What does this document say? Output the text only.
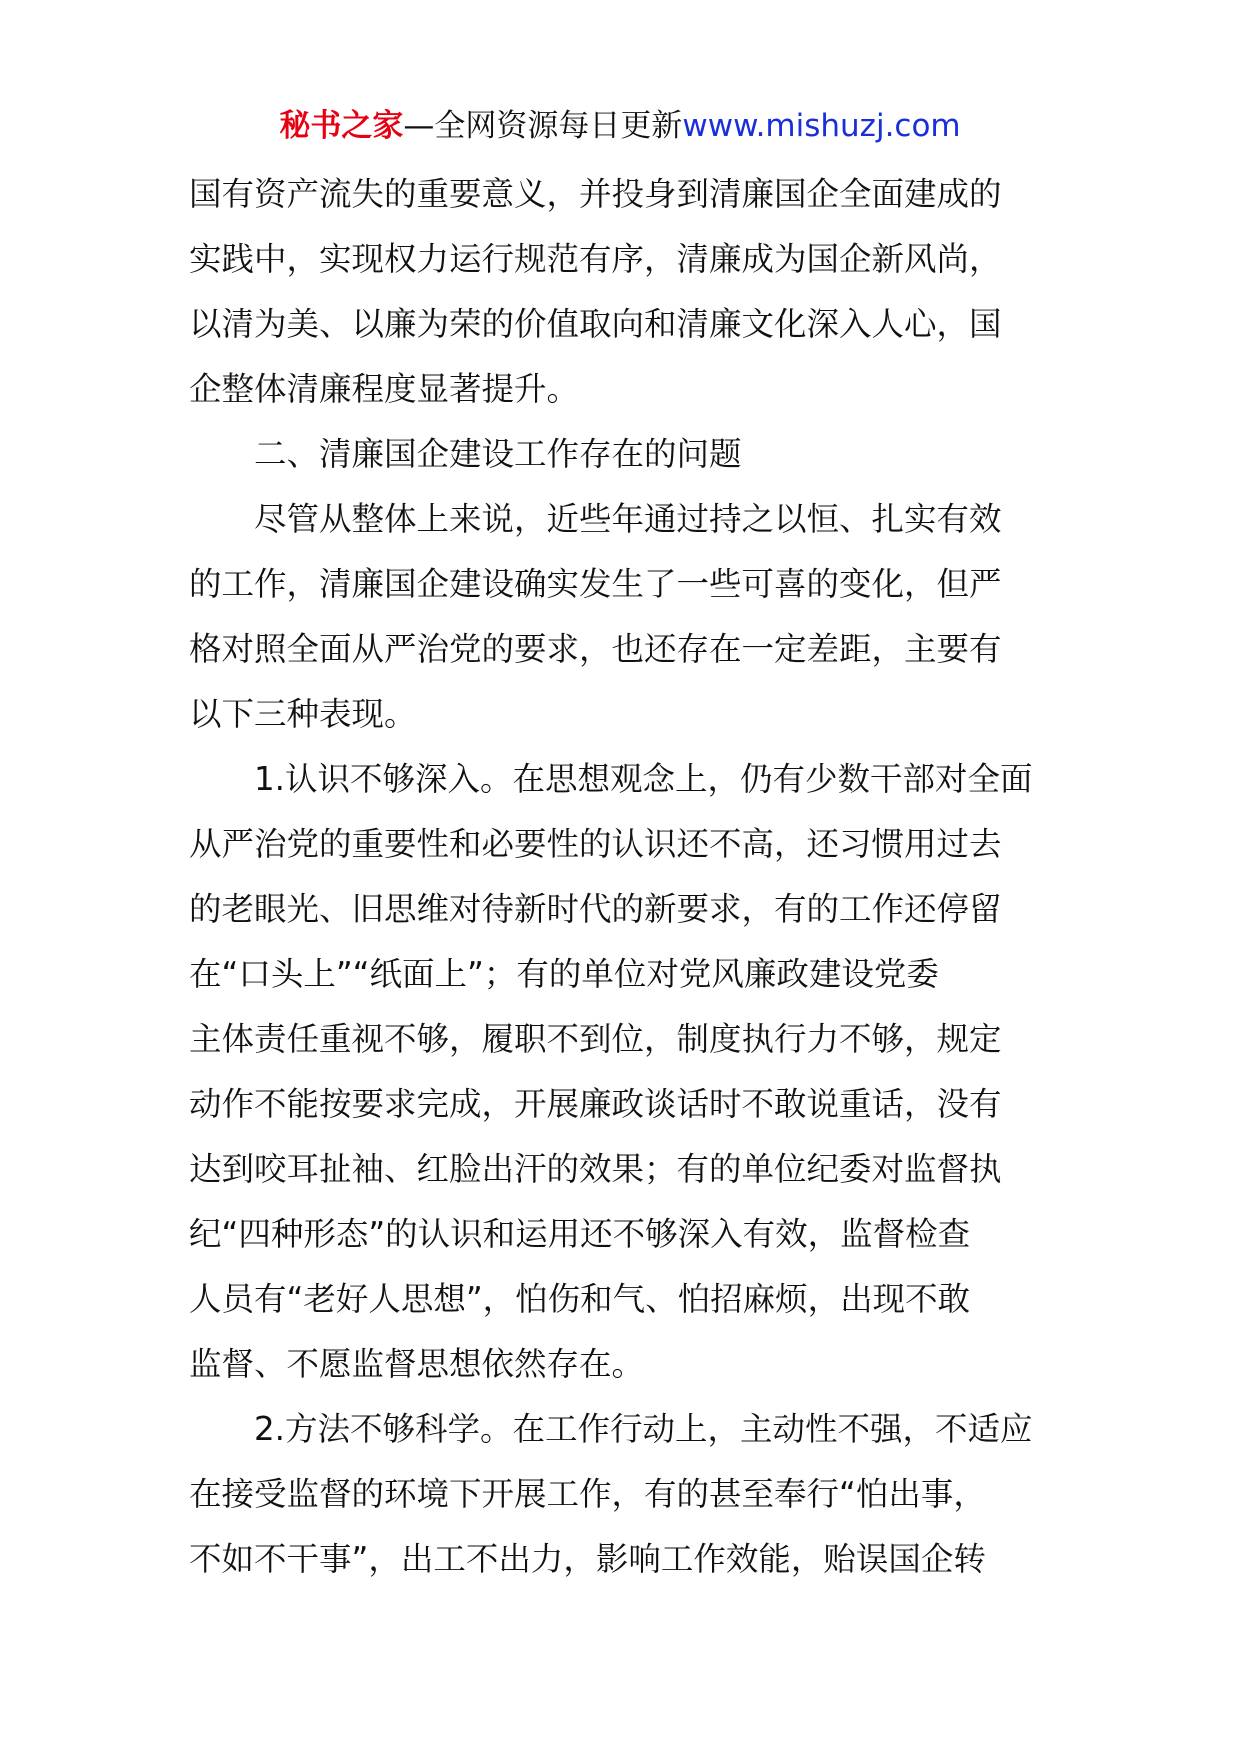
秘书之家—全网资源每日更新www.mishuzj.com
国有资产流失的重要意义，并投身到清廉国企全面建成的
实践中，实现权力运行规范有序，清廉成为国企新风尚，
以清为美、以廉为荣的价值取向和清廉文化深入人心，国
企整体清廉程度显著提升。
二、清廉国企建设工作存在的问题
尽管从整体上来说，近些年通过持之以恒、扎实有效
的工作，清廉国企建设确实发生了一些可喜的变化，但严
格对照全面从严治党的要求，也还存在一定差距，主要有
以下三种表现。
1.认识不够深入。在思想观念上，仍有少数干部对全面
从严治党的重要性和必要性的认识还不高，还习惯用过去
的老眼光、旧思维对待新时代的新要求，有的工作还停留
在“口头上”“纸面上”；有的单位对党风廉政建设党委
主体责任重视不够，履职不到位，制度执行力不够，规定
动作不能按要求完成，开展廉政谈话时不敢说重话，没有
达到咬耳扯袖、红脸出汗的效果；有的单位纪委对监督执
纪“四种形态”的认识和运用还不够深入有效，监督检查
人员有“老好人思想”，怕伤和气、怕招麻烦，出现不敢
监督、不愿监督思想依然存在。
2.方法不够科学。在工作行动上，主动性不强，不适应
在接受监督的环境下开展工作，有的甚至奉行“怕出事，
不如不干事”，出工不出力，影响工作效能，贻误国企转
